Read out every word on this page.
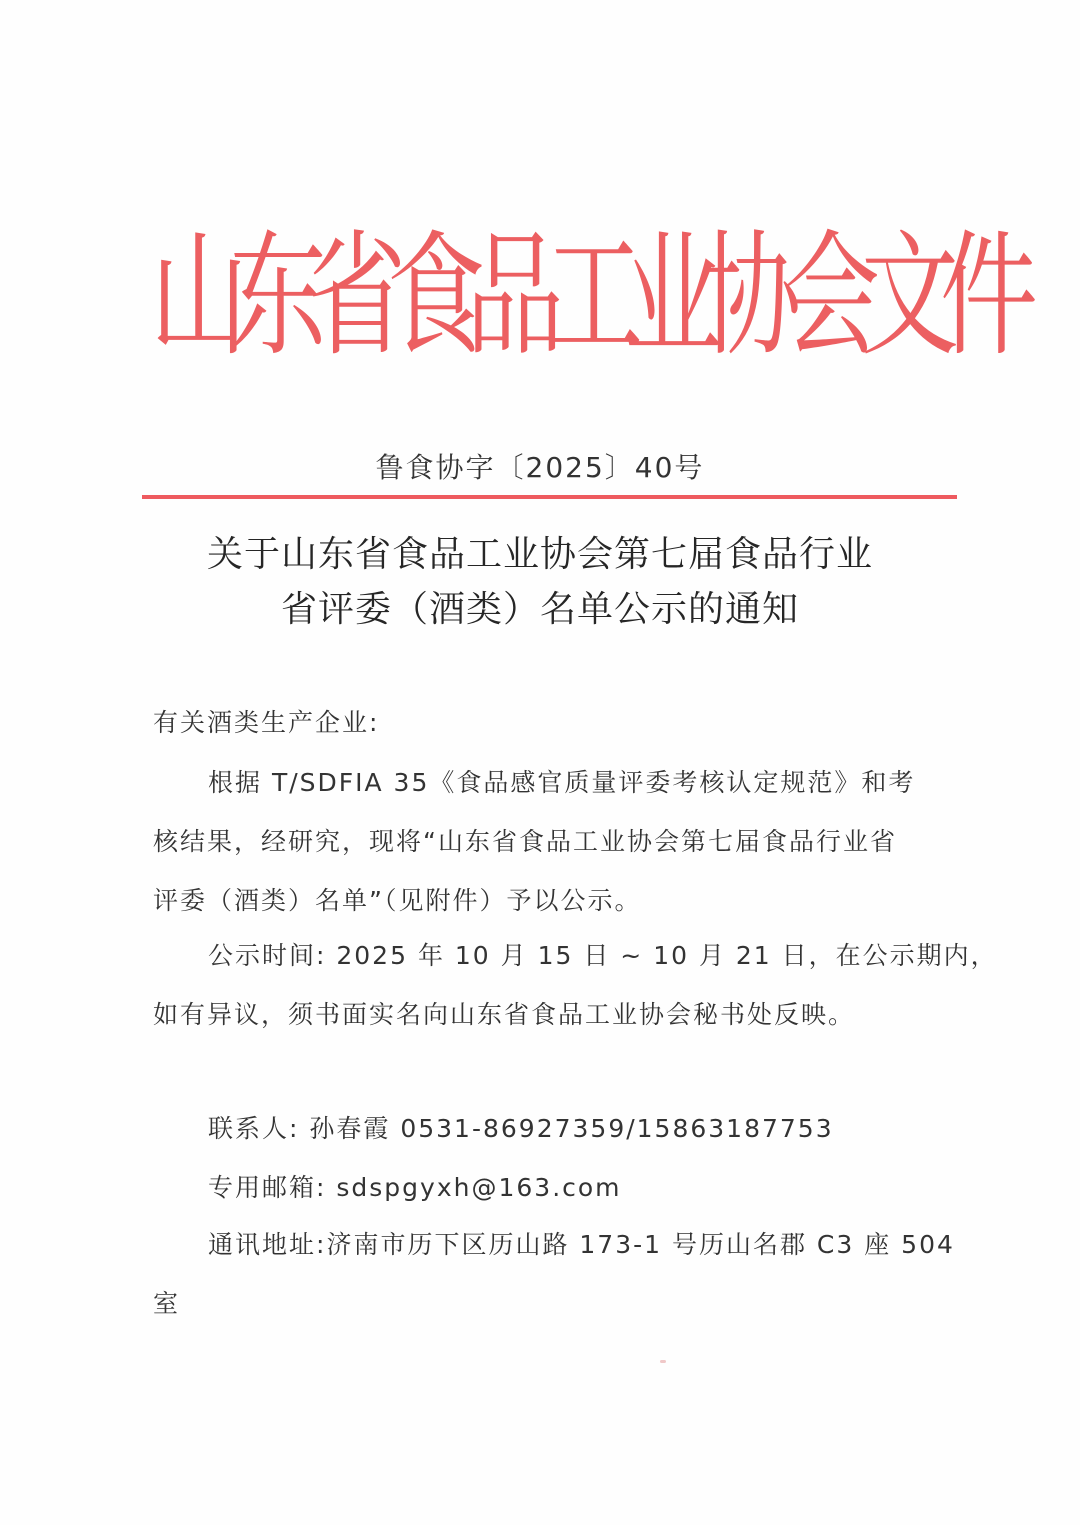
山
东
省
食
品
工
业
协
会
文
件
鲁食协字〔2025〕40号
关于山东省食品工业协会第七届食品行业
省评委（酒类）名单公示的通知
有关酒类生产企业:
根据 T/SDFIA 35《食品感官质量评委考核认定规范》和考
核结果，经研究，现将“山东省食品工业协会第七届食品行业省
评委（酒类）名单”（见附件）予以公示。
公示时间: 2025 年 10 月 15 日 ~ 10 月 21 日，在公示期内，
如有异议，须书面实名向山东省食品工业协会秘书处反映。
联系人: 孙春霞 0531-86927359/15863187753
专用邮箱: sdspgyxh@163.com
通讯地址:济南市历下区历山路 173-1 号历山名郡 C3 座 504
室
